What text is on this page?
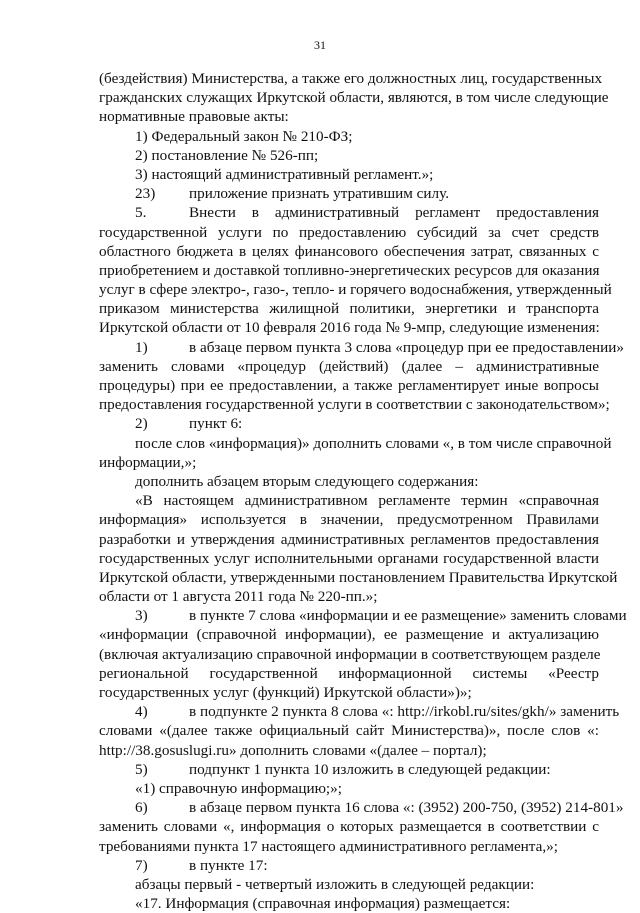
31
(бездействия) Министерства, а также его должностных лиц, государственных
гражданских служащих Иркутской области, являются, в том числе следующие
нормативные правовые акты:
1) Федеральный закон № 210-ФЗ;
2) постановление № 526-пп;
3) настоящий административный регламент.»;
23) приложение признать утратившим силу.
5.	Внести в административный регламент предоставления
государственной услуги по предоставлению субсидий за счет средств
областного бюджета в целях финансового обеспечения затрат, связанных с
приобретением и доставкой топливно-энергетических ресурсов для оказания
услуг в сфере электро-, газо-, тепло- и горячего водоснабжения, утвержденный
приказом министерства жилищной политики, энергетики и транспорта
Иркутской области от 10 февраля 2016 года № 9-мпр, следующие изменения:
1)	в абзаце первом пункта 3 слова «процедур при ее предоставлении»
заменить словами «процедур (действий) (далее – административные
процедуры) при ее предоставлении, а также регламентирует иные вопросы
предоставления государственной услуги в соответствии с законодательством»;
2)	пункт 6:
после слов «информация)» дополнить словами «, в том числе справочной
информации,»;
дополнить абзацем вторым следующего содержания:
«В настоящем административном регламенте термин «справочная
информация» используется в значении, предусмотренном Правилами
разработки и утверждения административных регламентов предоставления
государственных услуг исполнительными органами государственной власти
Иркутской области, утвержденными постановлением Правительства Иркутской
области от 1 августа 2011 года № 220-пп.»;
3)	в пункте 7 слова «информации и ее размещение» заменить словами
«информации (справочной информации), ее размещение и актуализацию
(включая актуализацию справочной информации в соответствующем разделе
региональной государственной информационной системы «Реестр
государственных услуг (функций) Иркутской области»)»;
4)	в подпункте 2 пункта 8 слова «: http://irkobl.ru/sites/gkh/» заменить
словами «(далее также официальный сайт Министерства)», после слов «:
http://38.gosuslugi.ru» дополнить словами «(далее – портал);
5)	подпункт 1 пункта 10 изложить в следующей редакции:
«1) справочную информацию;»;
6)	в абзаце первом пункта 16 слова «: (3952) 200-750, (3952) 214-801»
заменить словами «, информация о которых размещается в соответствии с
требованиями пункта 17 настоящего административного регламента,»;
7)	в пункте 17:
абзацы первый - четвертый изложить в следующей редакции:
«17. Информация (справочная информация) размещается:
